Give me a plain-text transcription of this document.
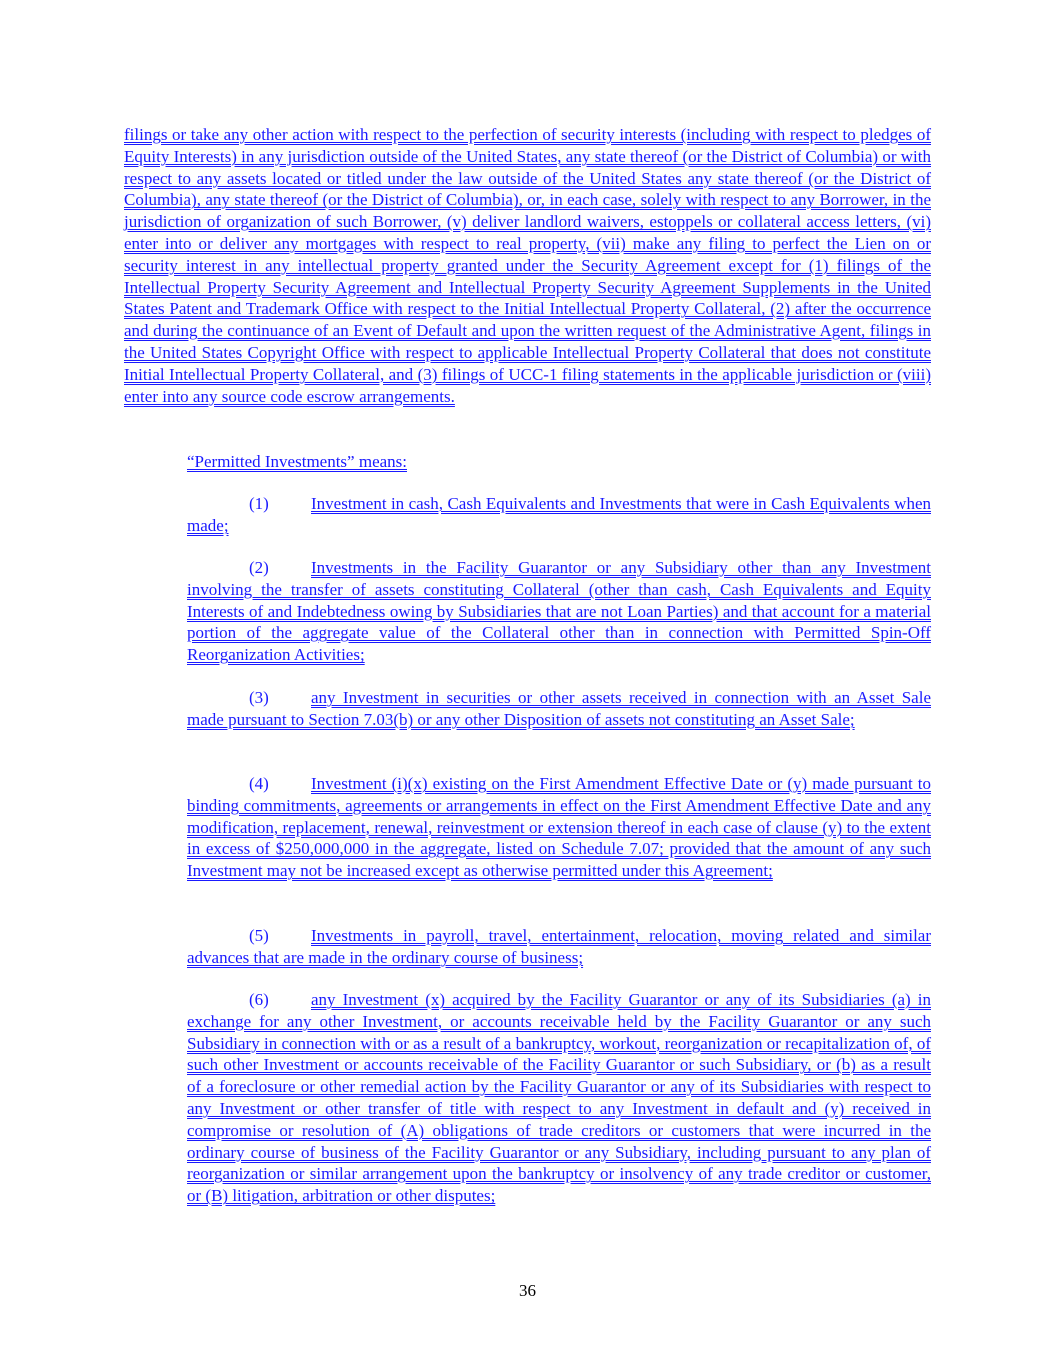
filings or take any other action with respect to the perfection of security interests (including with respect to pledges of Equity Interests) in any jurisdiction outside of the United States, any state thereof (or the District of Columbia) or with respect to any assets located or titled under the law outside of the United States any state thereof (or the District of Columbia), any state thereof (or the District of Columbia), or, in each case, solely with respect to any Borrower, in the jurisdiction of organization of such Borrower, (v) deliver landlord waivers, estoppels or collateral access letters, (vi) enter into or deliver any mortgages with respect to real property, (vii) make any filing to perfect the Lien on or security interest in any intellectual property granted under the Security Agreement except for (1) filings of the Intellectual Property Security Agreement and Intellectual Property Security Agreement Supplements in the United States Patent and Trademark Office with respect to the Initial Intellectual Property Collateral, (2) after the occurrence and during the continuance of an Event of Default and upon the written request of the Administrative Agent, filings in the United States Copyright Office with respect to applicable Intellectual Property Collateral that does not constitute Initial Intellectual Property Collateral, and (3) filings of UCC-1 filing statements in the applicable jurisdiction or (viii) enter into any source code escrow arrangements.

“Permitted Investments” means:

(1) Investment in cash, Cash Equivalents and Investments that were in Cash Equivalents when made;

(2) Investments in the Facility Guarantor or any Subsidiary other than any Investment involving the transfer of assets constituting Collateral (other than cash, Cash Equivalents and Equity Interests of and Indebtedness owing by Subsidiaries that are not Loan Parties) and that account for a material portion of the aggregate value of the Collateral other than in connection with Permitted Spin-Off Reorganization Activities;

(3) any Investment in securities or other assets received in connection with an Asset Sale made pursuant to Section 7.03(b) or any other Disposition of assets not constituting an Asset Sale;

(4) Investment (i)(x) existing on the First Amendment Effective Date or (y) made pursuant to binding commitments, agreements or arrangements in effect on the First Amendment Effective Date and any modification, replacement, renewal, reinvestment or extension thereof in each case of clause (y) to the extent in excess of $250,000,000 in the aggregate, listed on Schedule 7.07; provided that the amount of any such Investment may not be increased except as otherwise permitted under this Agreement;

(5) Investments in payroll, travel, entertainment, relocation, moving related and similar advances that are made in the ordinary course of business;

(6) any Investment (x) acquired by the Facility Guarantor or any of its Subsidiaries (a) in exchange for any other Investment, or accounts receivable held by the Facility Guarantor or any such Subsidiary in connection with or as a result of a bankruptcy, workout, reorganization or recapitalization of, of such other Investment or accounts receivable of the Facility Guarantor or such Subsidiary, or (b) as a result of a foreclosure or other remedial action by the Facility Guarantor or any of its Subsidiaries with respect to any Investment or other transfer of title with respect to any Investment in default and (y) received in compromise or resolution of (A) obligations of trade creditors or customers that were incurred in the ordinary course of business of the Facility Guarantor or any Subsidiary, including pursuant to any plan of reorganization or similar arrangement upon the bankruptcy or insolvency of any trade creditor or customer, or (B) litigation, arbitration or other disputes;

36
